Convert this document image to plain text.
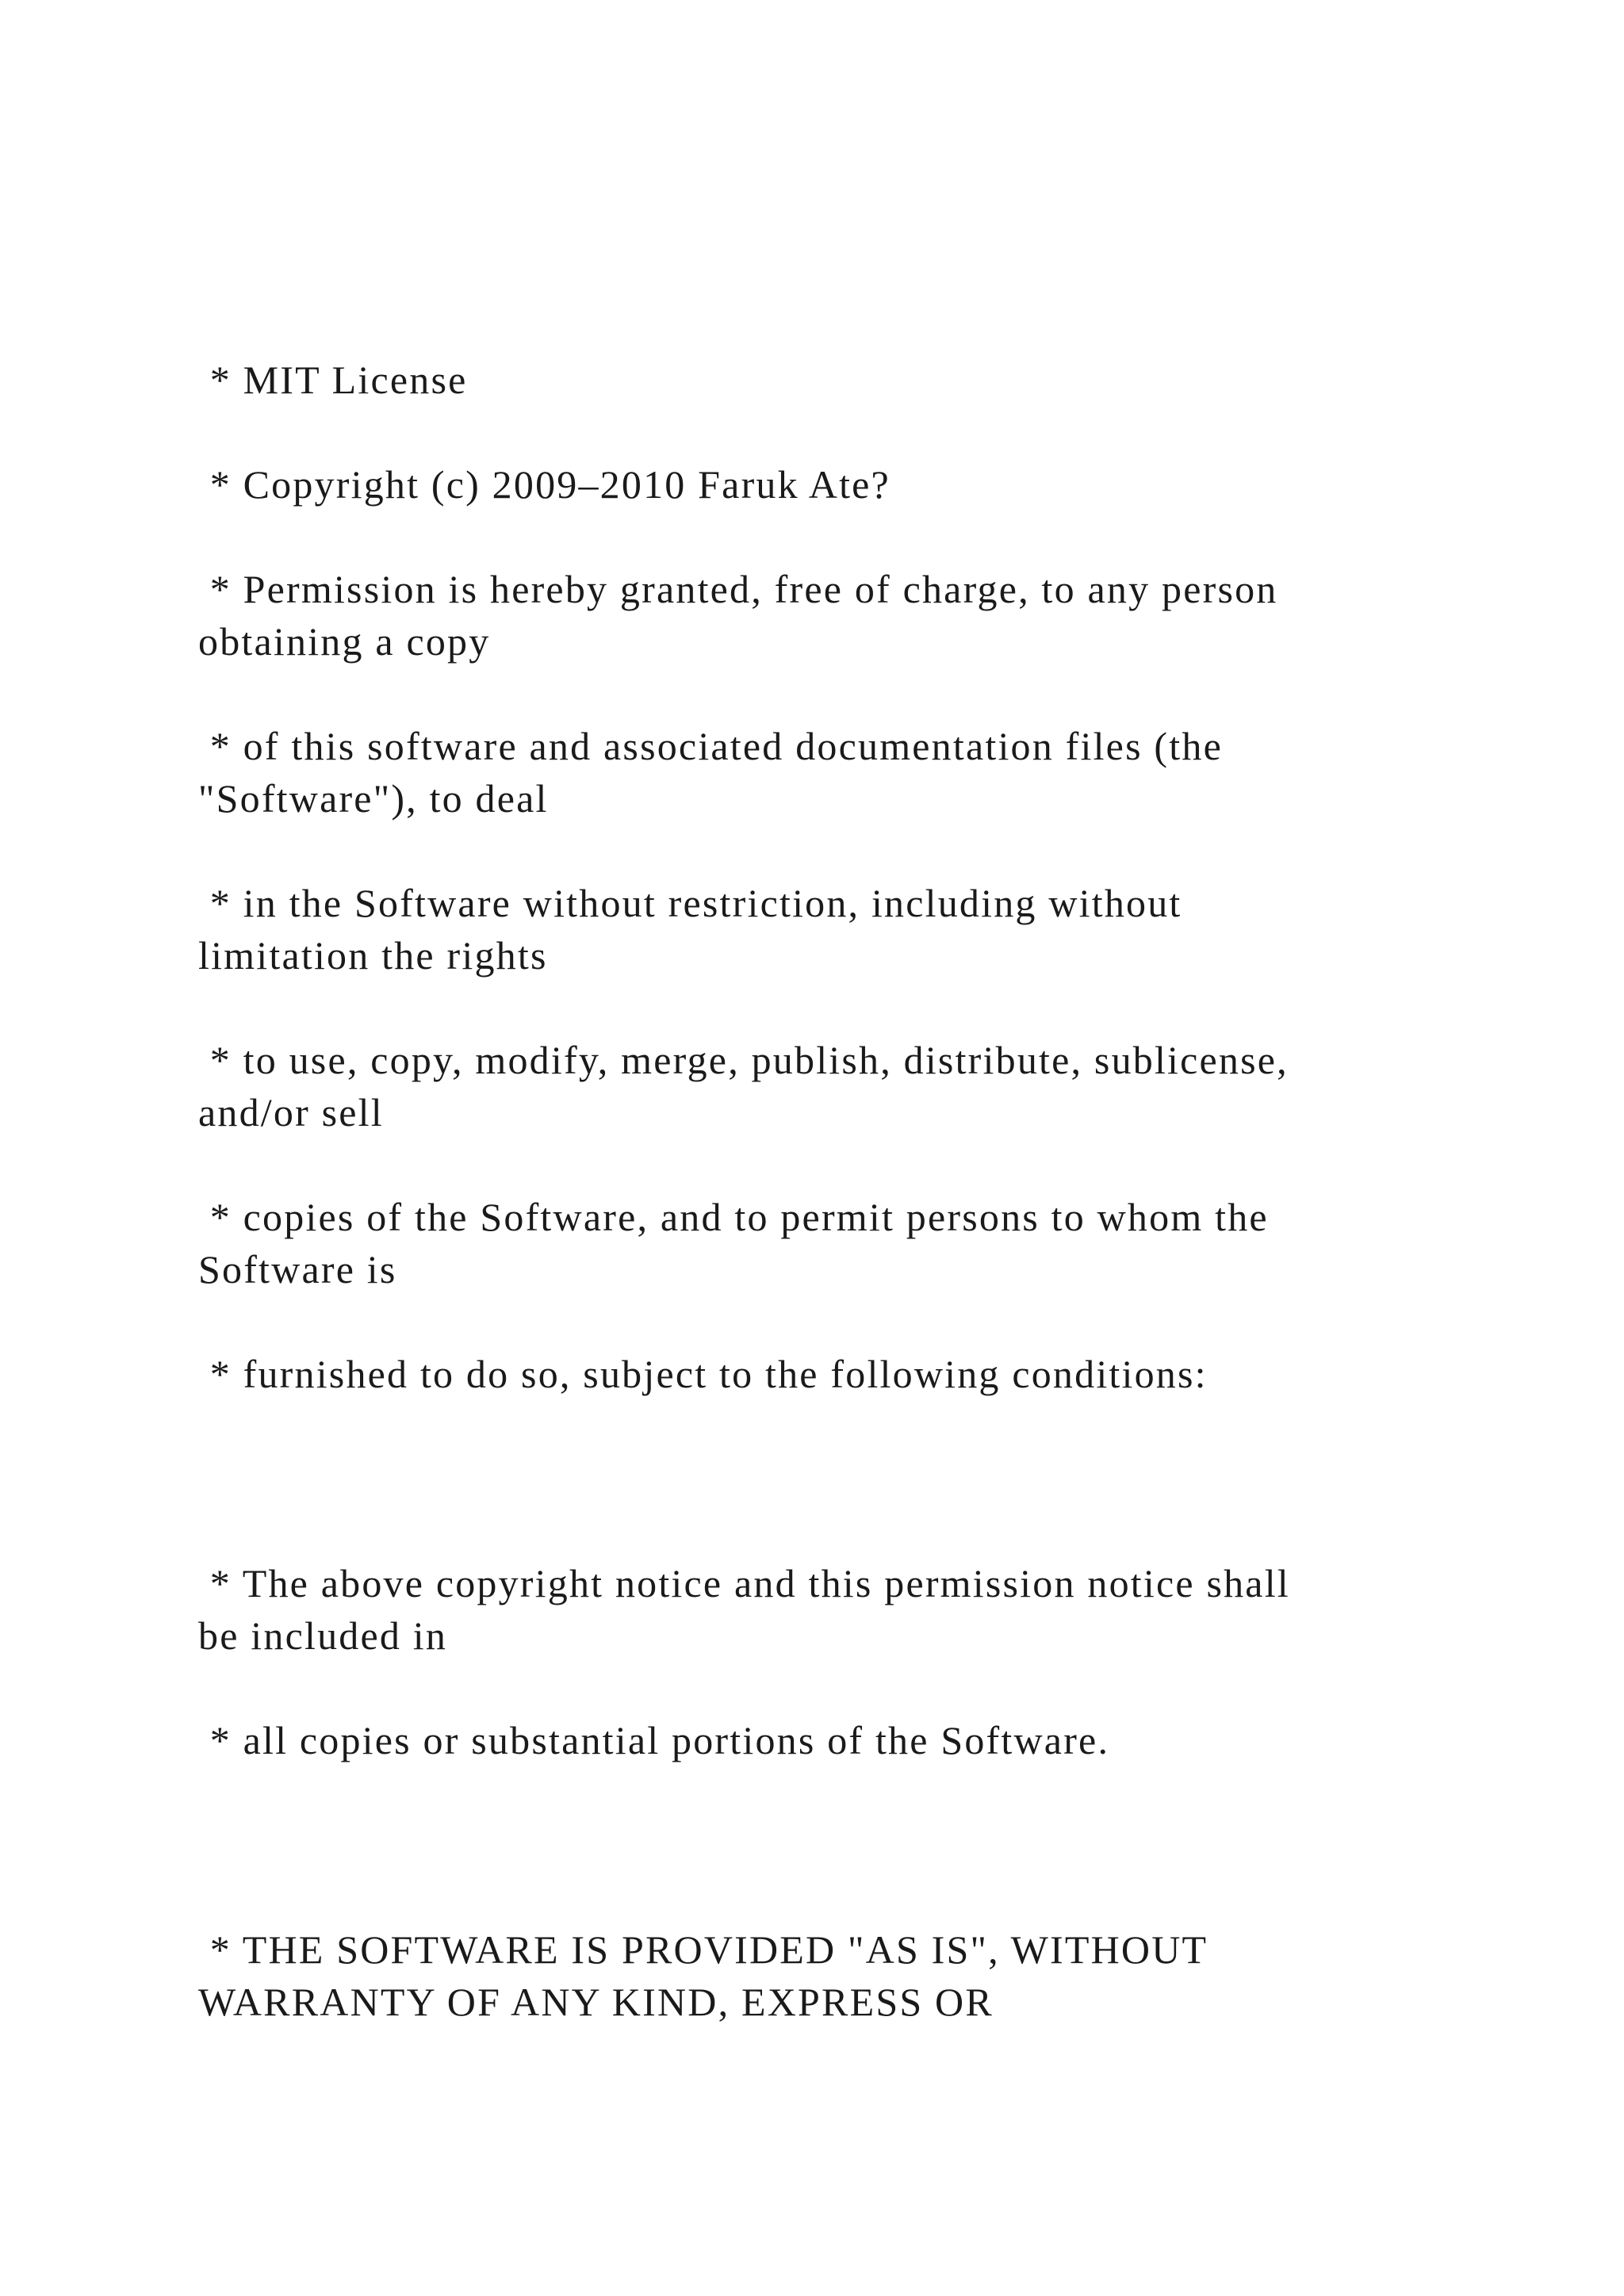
* MIT License
* Copyright (c) 2009–2010 Faruk Ate?
* Permission is hereby granted, free of charge, to any person
obtaining a copy
* of this software and associated documentation files (the
"Software"), to deal
* in the Software without restriction, including without
limitation the rights
* to use, copy, modify, merge, publish, distribute, sublicense,
and/or sell
* copies of the Software, and to permit persons to whom the
Software is
* furnished to do so, subject to the following conditions:
* The above copyright notice and this permission notice shall
be included in
* all copies or substantial portions of the Software.
* THE SOFTWARE IS PROVIDED "AS IS", WITHOUT
WARRANTY OF ANY KIND, EXPRESS OR
